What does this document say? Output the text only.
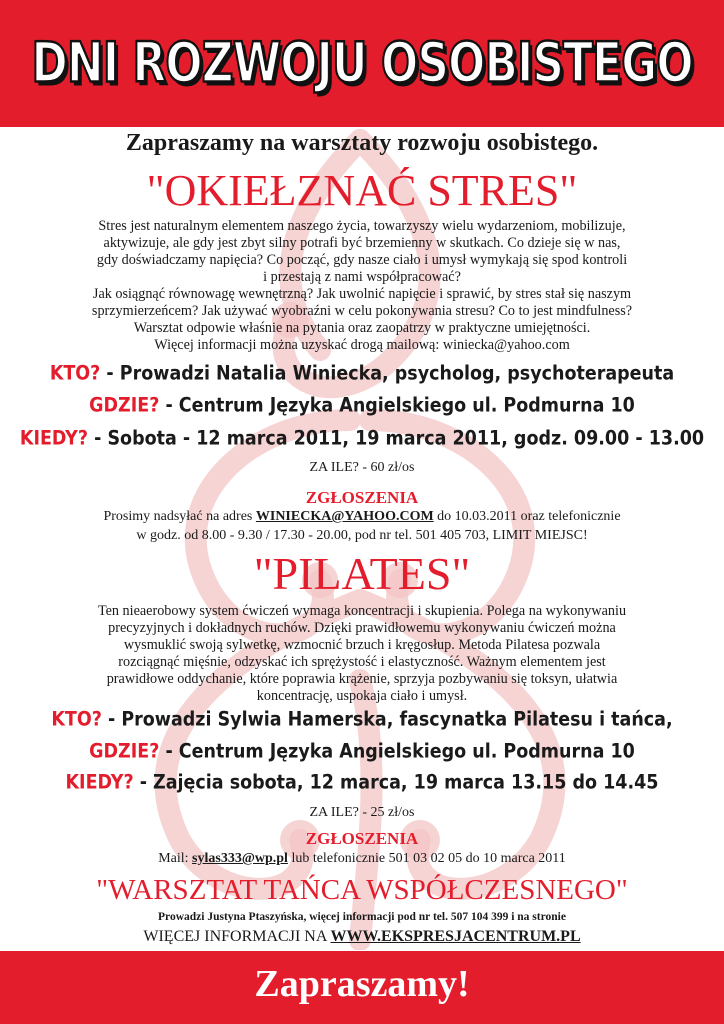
DNI ROZWOJU OSOBISTEGO
Zapraszamy na warsztaty rozwoju osobistego.
"OKIEŁZNAĆ STRES"
Stres jest naturalnym elementem naszego życia, towarzyszy wielu wydarzeniom, mobilizuje,
aktywizuje, ale gdy jest zbyt silny potrafi być brzemienny w skutkach. Co dzieje się w nas,
gdy doświadczamy napięcia? Co począć, gdy nasze ciało i umysł wymykają się spod kontroli
i przestają z nami współpracować?
Jak osiągnąć równowagę wewnętrzną? Jak uwolnić napięcie i sprawić, by stres stał się naszym
sprzymierzeńcem? Jak używać wyobraźni w celu pokonywania stresu? Co to jest mindfulness?
Warsztat odpowie właśnie na pytania oraz zaopatrzy w praktyczne umiejętności.
Więcej informacji można uzyskać drogą mailową: winiecka@yahoo.com
KTO? - Prowadzi Natalia Winiecka, psycholog, psychoterapeuta
GDZIE? - Centrum Języka Angielskiego ul. Podmurna 10
KIEDY? - Sobota - 12 marca 2011, 19 marca 2011, godz. 09.00 - 13.00
ZA ILE? - 60 zł/os
ZGŁOSZENIA
Prosimy nadsyłać na adres WINIECKA@YAHOO.COM do 10.03.2011 oraz telefonicznie
w godz. od 8.00 - 9.30 / 17.30 - 20.00, pod nr tel. 501 405 703, LIMIT MIEJSC!
"PILATES"
Ten nieaerobowy system ćwiczeń wymaga koncentracji i skupienia. Polega na wykonywaniu
precyzyjnych i dokładnych ruchów. Dzięki prawidłowemu wykonywaniu ćwiczeń można
wysmuklić swoją sylwetkę, wzmocnić brzuch i kręgosłup. Metoda Pilatesa pozwala
rozciągnąć mięśnie, odzyskać ich sprężystość i elastyczność. Ważnym elementem jest
prawidłowe oddychanie, które poprawia krążenie, sprzyja pozbywaniu się toksyn, ułatwia
koncentrację, uspokaja ciało i umysł.
KTO? - Prowadzi Sylwia Hamerska, fascynatka Pilatesu i tańca,
GDZIE? - Centrum Języka Angielskiego ul. Podmurna 10
KIEDY? - Zajęcia sobota, 12 marca, 19 marca 13.15 do 14.45
ZA ILE? - 25 zł/os
ZGŁOSZENIA
Mail: sylas333@wp.pl lub telefonicznie 501 03 02 05 do 10 marca 2011
"WARSZTAT TAŃCA WSPÓŁCZESNEGO"
Prowadzi Justyna Ptaszyńska, więcej informacji pod nr tel. 507 104 399 i na stronie
WIĘCEJ INFORMACJI NA WWW.EKSPRESJACENTRUM.PL
Zapraszamy!
